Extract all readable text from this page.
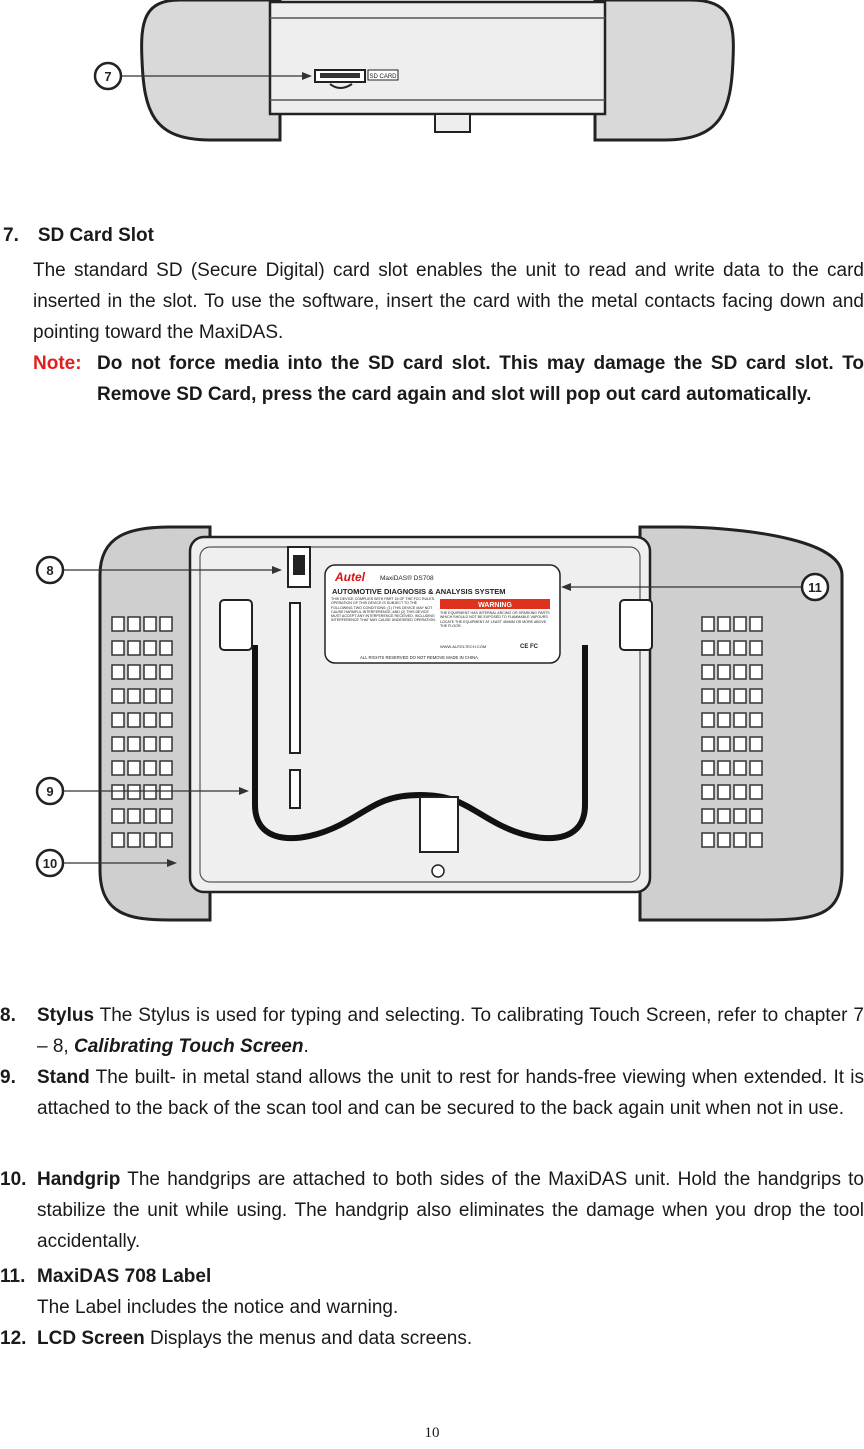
SD CARD
7
7. SD Card Slot
The standard SD (Secure Digital) card slot enables the unit to read and write data to the card inserted in the slot. To use the software, insert the card with the metal contacts facing down and pointing toward the MaxiDAS.
Note: Do not force media into the SD card slot. This may damage the SD card slot. To Remove SD Card, press the card again and slot will pop out card automatically.
Autel MaxiDAS® DS708
AUTOMOTIVE DIAGNOSIS & ANALYSIS SYSTEM
THIS DEVICE COMPLIES WITH PART 15 OF THE FCC RULES. OPERATION OF THIS DEVICE IS SUBJECT TO THE FOLLOWING TWO CONDITIONS: (1) THIS DEVICE MAY NOT CAUSE HARMFUL INTERFERENCE, AND (2) THIS DEVICE MUST ACCEPT ANY INTERFERENCE RECEIVED, INCLUDING INTERFERENCE THAT MAY CAUSE UNDESIRED OPERATION.
WARNING
THE EQUIPMENT HAS INTERNAL ARCING OR SPARKING PARTS WHICH SHOULD NOT BE EXPOSED TO FLAMMABLE VAPOURS. LOCATE THE EQUIPMENT AT LEAST 460MM OR MORE ABOVE THE FLOOR.
WWW.AUTELTECH.COM	CE FC
ALL RIGHTS RESERVED DO NOT REMOVE MADE IN CHINA
8
9
10
11
8. Stylus The Stylus is used for typing and selecting. To calibrating Touch Screen, refer to chapter 7 – 8, Calibrating Touch Screen.
9. Stand The built- in metal stand allows the unit to rest for hands-free viewing when extended. It is attached to the back of the scan tool and can be secured to the back again unit when not in use.
10. Handgrip The handgrips are attached to both sides of the MaxiDAS unit. Hold the handgrips to stabilize the unit while using. The handgrip also eliminates the damage when you drop the tool accidentally.
11. MaxiDAS 708 Label
The Label includes the notice and warning.
12. LCD Screen Displays the menus and data screens.
10
